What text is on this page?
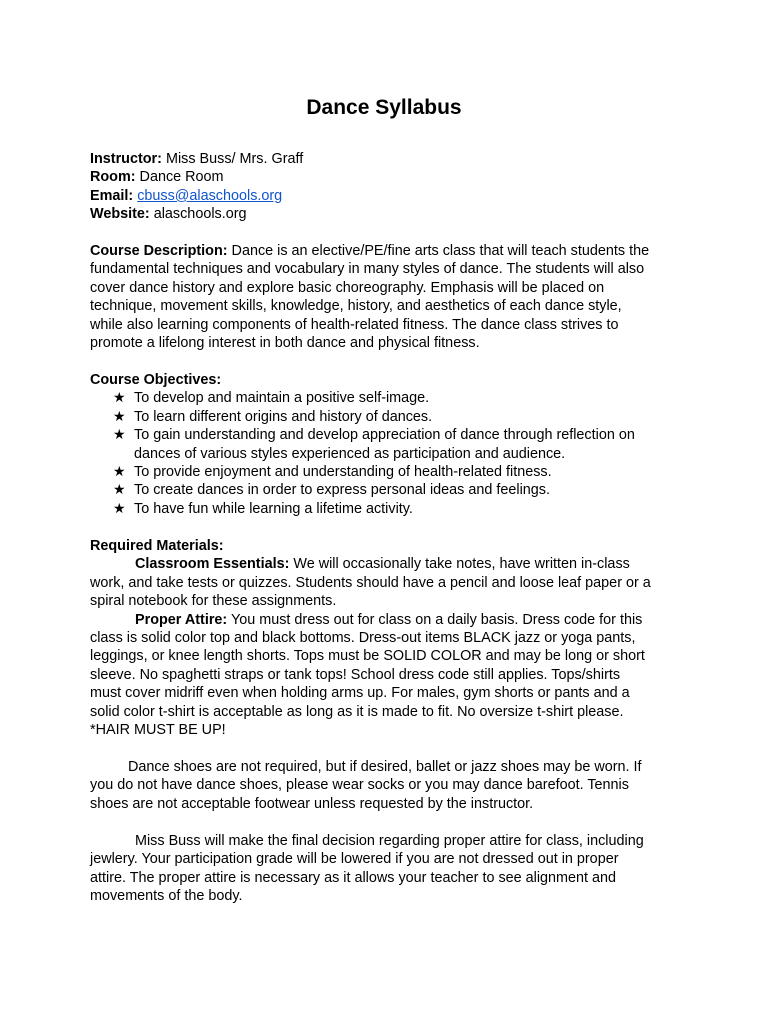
Dance Syllabus
Instructor: Miss Buss/ Mrs. Graff
Room: Dance Room
Email: cbuss@alaschools.org
Website: alaschools.org
Course Description: Dance is an elective/PE/fine arts class that will teach students the
fundamental techniques and vocabulary in many styles of dance. The students will also
cover dance history and explore basic choreography. Emphasis will be placed on
technique, movement skills, knowledge, history, and aesthetics of each dance style,
while also learning components of health-related fitness. The dance class strives to
promote a lifelong interest in both dance and physical fitness.
Course Objectives:
★ To develop and maintain a positive self-image.
★ To learn different origins and history of dances.
★ To gain understanding and develop appreciation of dance through reflection on
dances of various styles experienced as participation and audience.
★ To provide enjoyment and understanding of health-related fitness.
★ To create dances in order to express personal ideas and feelings.
★ To have fun while learning a lifetime activity.
Required Materials:
Classroom Essentials: We will occasionally take notes, have written in-class
work, and take tests or quizzes. Students should have a pencil and loose leaf paper or a
spiral notebook for these assignments.
Proper Attire: You must dress out for class on a daily basis. Dress code for this
class is solid color top and black bottoms. Dress-out items BLACK jazz or yoga pants,
leggings, or knee length shorts. Tops must be SOLID COLOR and may be long or short
sleeve. No spaghetti straps or tank tops! School dress code still applies. Tops/shirts
must cover midriff even when holding arms up. For males, gym shorts or pants and a
solid color t-shirt is acceptable as long as it is made to fit. No oversize t-shirt please.
*HAIR MUST BE UP!
Dance shoes are not required, but if desired, ballet or jazz shoes may be worn. If
you do not have dance shoes, please wear socks or you may dance barefoot. Tennis
shoes are not acceptable footwear unless requested by the instructor.
Miss Buss will make the final decision regarding proper attire for class, including
jewlery. Your participation grade will be lowered if you are not dressed out in proper
attire. The proper attire is necessary as it allows your teacher to see alignment and
movements of the body.
